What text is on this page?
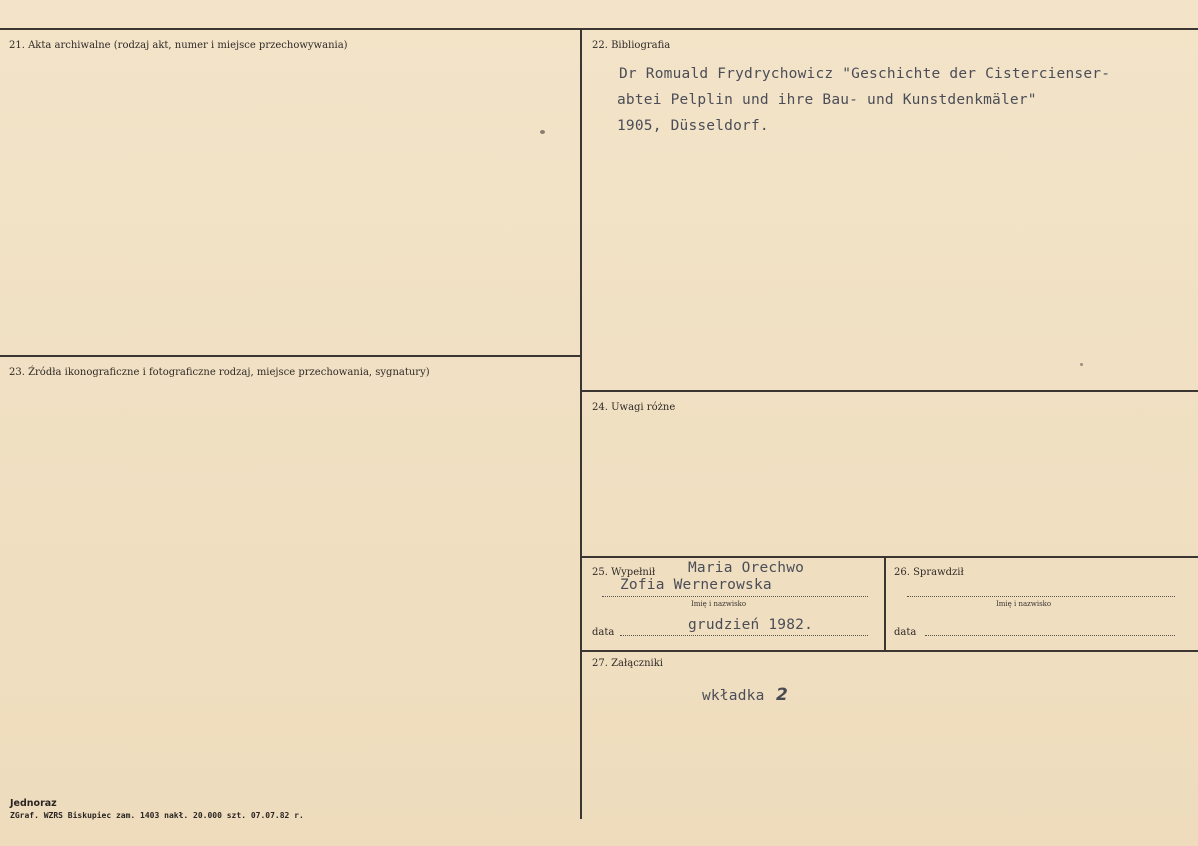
21. Akta archiwalne (rodzaj akt, numer i miejsce przechowywania)	22. Bibliografia
Dr Romuald Frydrychowicz "Geschichte der Cistercienser-
abtei Pelplin und ihre Bau- und Kunstdenkmäler"
1905, Düsseldorf.
23. Źródła ikonograficzne i fotograficzne rodzaj, miejsce przechowania, sygnatury)
24. Uwagi różne
25. Wypełnił Maria Orechwo
Zofia Wernerowska
Imię i nazwisko
data	grudzień 1982.
26. Sprawdził
Imię i nazwisko
data
27. Załączniki
wkładka 2
Jednoraz
ZGraf. WZRS Biskupiec zam. 1403 nakł. 20.000 szt. 07.07.82 r.
